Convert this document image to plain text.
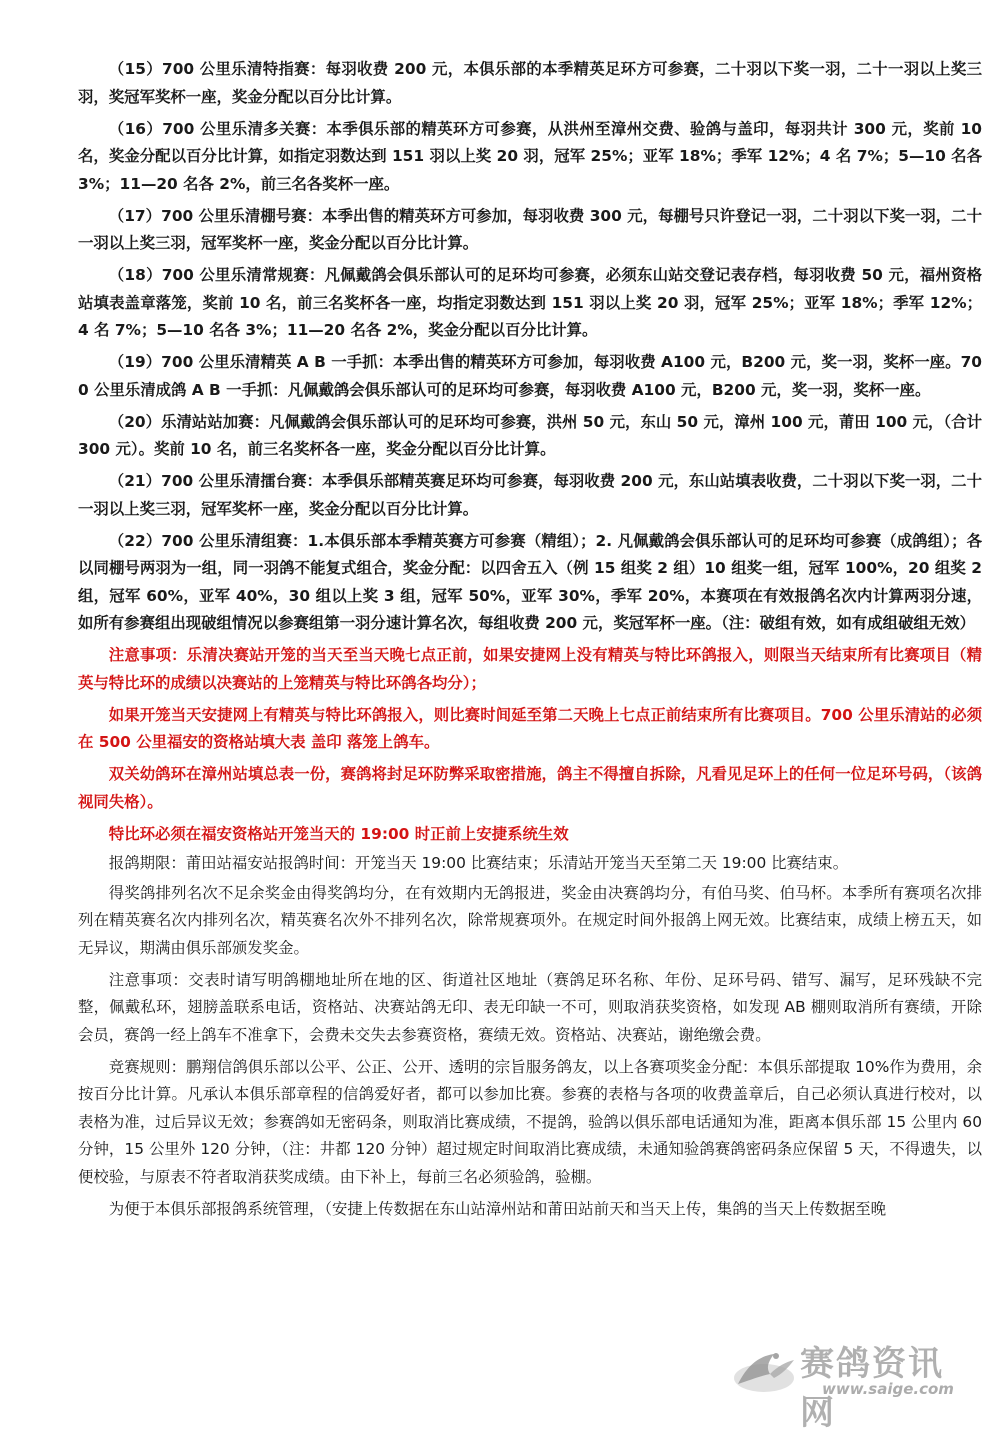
（15）700 公里乐清特指赛：每羽收费 200 元，本俱乐部的本季精英足环方可参赛，二十羽以下奖一羽，二十一羽以上奖三羽，奖冠军奖杯一座，奖金分配以百分比计算。

（16）700 公里乐清多关赛：本季俱乐部的精英环方可参赛，从洪州至漳州交费、验鸽与盖印，每羽共计 300 元，奖前 10 名，奖金分配以百分比计算，如指定羽数达到 151 羽以上奖 20 羽，冠军 25%；亚军 18%；季军 12%；4 名 7%；5—10 名各 3%；11—20 名各 2%，前三名各奖杯一座。

（17）700 公里乐清棚号赛：本季出售的精英环方可参加，每羽收费 300 元，每棚号只许登记一羽，二十羽以下奖一羽，二十一羽以上奖三羽，冠军奖杯一座，奖金分配以百分比计算。

（18）700 公里乐清常规赛：凡佩戴鸽会俱乐部认可的足环均可参赛，必须东山站交登记表存档，每羽收费 50 元，福州资格站填表盖章落笼，奖前 10 名，前三名奖杯各一座，均指定羽数达到 151 羽以上奖 20 羽，冠军 25%；亚军 18%；季军 12%；4 名 7%；5—10 名各 3%；11—20 名各 2%，奖金分配以百分比计算。

（19）700 公里乐清精英 A B 一手抓：本季出售的精英环方可参加，每羽收费 A100 元，B200 元，奖一羽，奖杯一座。700 公里乐清成鸽 A B 一手抓：凡佩戴鸽会俱乐部认可的足环均可参赛，每羽收费 A100 元，B200 元，奖一羽，奖杯一座。

（20）乐清站站加赛：凡佩戴鸽会俱乐部认可的足环均可参赛，洪州 50 元，东山 50 元，漳州 100 元，莆田 100 元，（合计 300 元）。奖前 10 名，前三名奖杯各一座，奖金分配以百分比计算。

（21）700 公里乐清擂台赛：本季俱乐部精英赛足环均可参赛，每羽收费 200 元，东山站填表收费，二十羽以下奖一羽，二十一羽以上奖三羽，冠军奖杯一座，奖金分配以百分比计算。

（22）700 公里乐清组赛：1.本俱乐部本季精英赛方可参赛（精组）；2. 凡佩戴鸽会俱乐部认可的足环均可参赛（成鸽组）；各以同棚号两羽为一组，同一羽鸽不能复式组合，奖金分配：以四舍五入（例 15 组奖 2 组）10 组奖一组，冠军 100%，20 组奖 2 组，冠军 60%，亚军 40%，30 组以上奖 3 组，冠军 50%，亚军 30%，季军 20%，本赛项在有效报鸽名次内计算两羽分速，如所有参赛组出现破组情况以参赛组第一羽分速计算名次，每组收费 200 元，奖冠军杯一座。（注：破组有效，如有成组破组无效）

注意事项：乐清决赛站开笼的当天至当天晚七点正前，如果安捷网上没有精英与特比环鸽报入，则限当天结束所有比赛项目（精英与特比环的成绩以决赛站的上笼精英与特比环鸽各均分）；

如果开笼当天安捷网上有精英与特比环鸽报入，则比赛时间延至第二天晚上七点正前结束所有比赛项目。700 公里乐清站的必须在 500 公里福安的资格站填大表 盖印 落笼上鸽车。

双关幼鸽环在漳州站填总表一份，赛鸽将封足环防弊采取密措施，鸽主不得擅自拆除，凡看见足环上的任何一位足环号码，（该鸽视同失格）。

特比环必须在福安资格站开笼当天的 19:00 时正前上安捷系统生效

报鸽期限：莆田站福安站报鸽时间：开笼当天 19:00 比赛结束；乐清站开笼当天至第二天 19:00 比赛结束。

得奖鸽排列名次不足余奖金由得奖鸽均分，在有效期内无鸽报进，奖金由决赛鸽均分，有伯马奖、伯马杯。本季所有赛项名次排列在精英赛名次内排列名次，精英赛名次外不排列名次，除常规赛项外。在规定时间外报鸽上网无效。比赛结束，成绩上榜五天，如无异议，期满由俱乐部颁发奖金。

注意事项：交表时请写明鸽棚地址所在地的区、街道社区地址（赛鸽足环名称、年份、足环号码、错写、漏写，足环残缺不完整，佩戴私环，翅膀盖联系电话，资格站、决赛站鸽无印、表无印缺一不可，则取消获奖资格，如发现 AB 棚则取消所有赛绩，开除会员，赛鸽一经上鸽车不准拿下，会费未交失去参赛资格，赛绩无效。资格站、决赛站，谢绝缴会费。

竞赛规则：鹏翔信鸽俱乐部以公平、公正、公开、透明的宗旨服务鸽友，以上各赛项奖金分配：本俱乐部提取 10%作为费用，余按百分比计算。凡承认本俱乐部章程的信鸽爱好者，都可以参加比赛。参赛的表格与各项的收费盖章后，自己必须认真进行校对，以表格为准，过后异议无效；参赛鸽如无密码条，则取消比赛成绩，不提鸽，验鸽以俱乐部电话通知为准，距离本俱乐部 15 公里内 60 分钟，15 公里外 120 分钟，（注：井都 120 分钟）超过规定时间取消比赛成绩，未通知验鸽赛鸽密码条应保留 5 天，不得遗失，以便校验，与原表不符者取消获奖成绩。由下补上，每前三名必须验鸽，验棚。

为便于本俱乐部报鸽系统管理，（安捷上传数据在东山站漳州站和莆田站前天和当天上传，集鸽的当天上传数据至晚

赛鸽资讯网
www.saige.com
